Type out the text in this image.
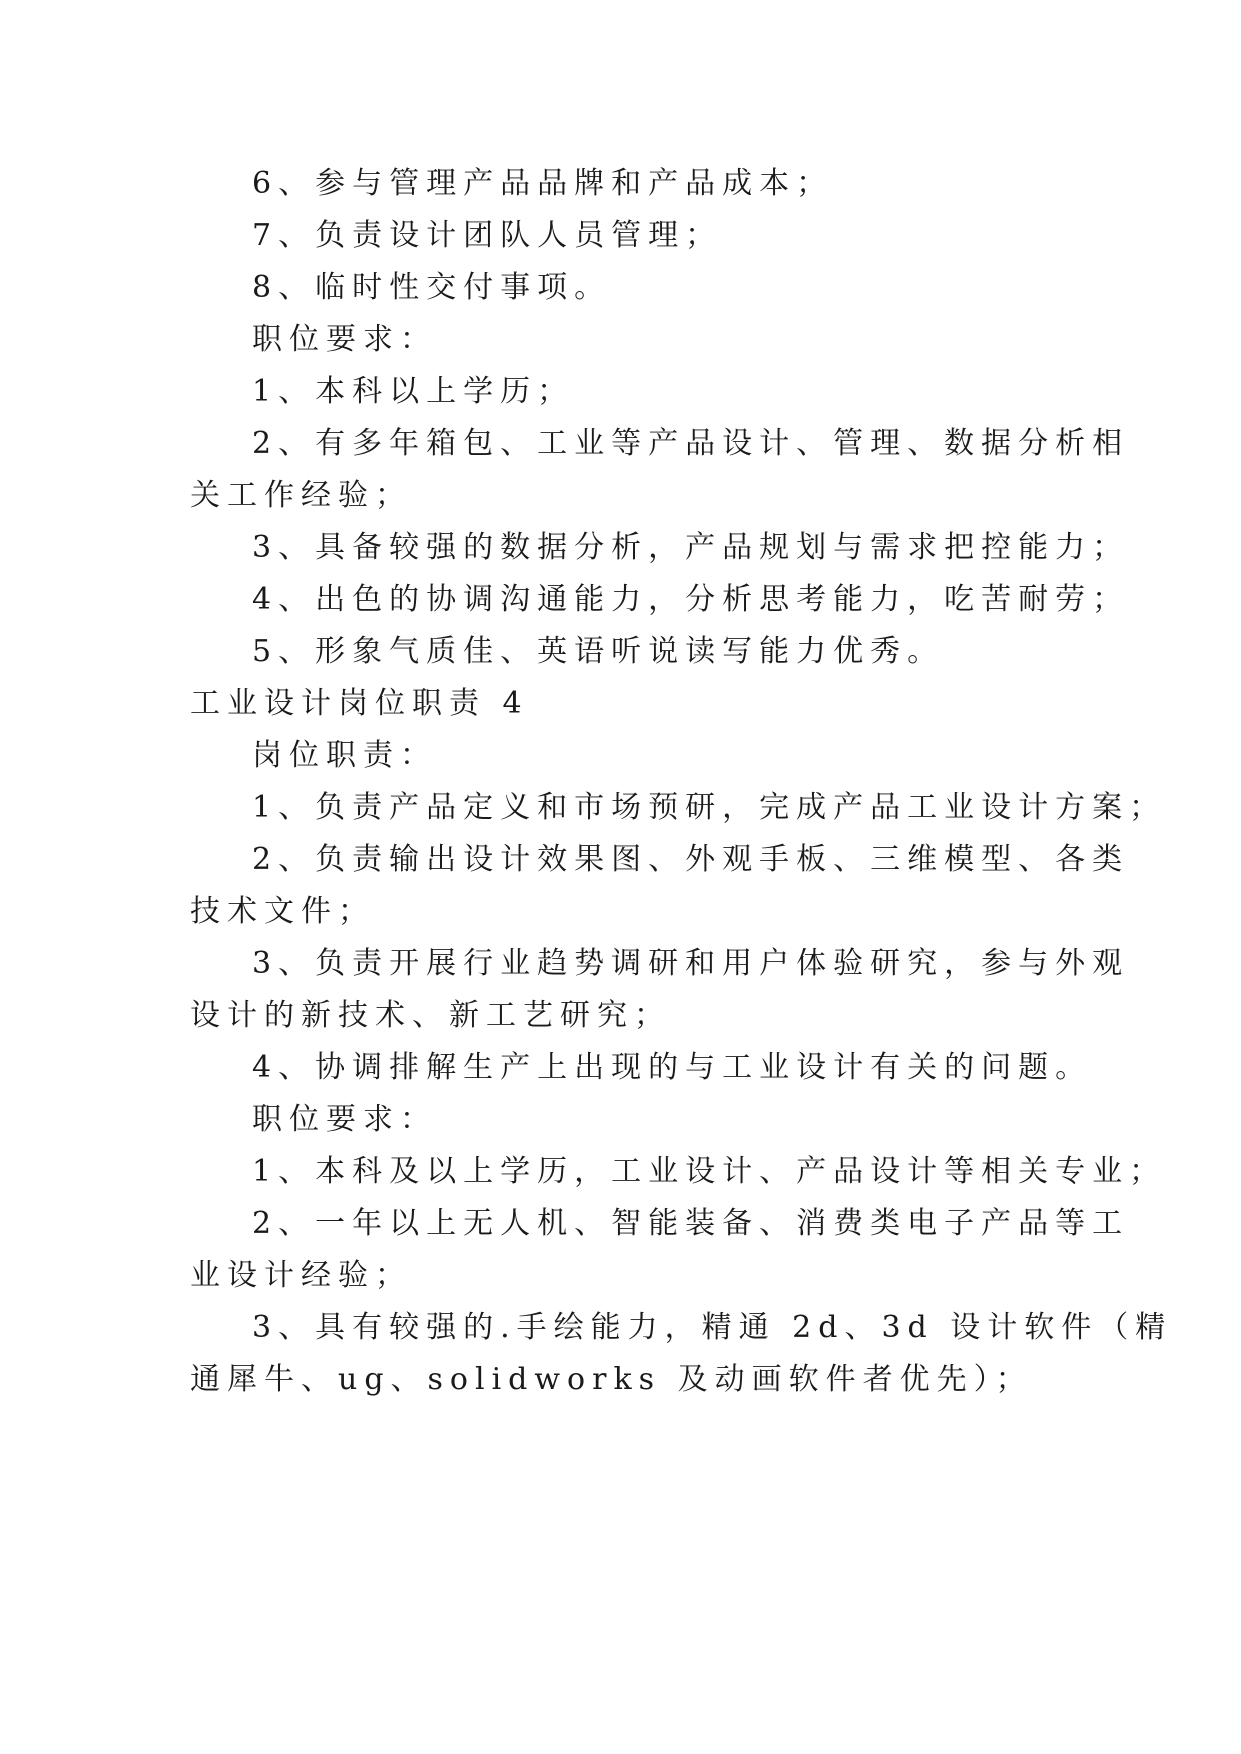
6、参与管理产品品牌和产品成本；
7、负责设计团队人员管理；
8、临时性交付事项。
职位要求：
1、本科以上学历；
2、有多年箱包、工业等产品设计、管理、数据分析相
关工作经验；
3、具备较强的数据分析，产品规划与需求把控能力；
4、出色的协调沟通能力，分析思考能力，吃苦耐劳；
5、形象气质佳、英语听说读写能力优秀。
工业设计岗位职责 4
岗位职责：
1、负责产品定义和市场预研，完成产品工业设计方案；
2、负责输出设计效果图、外观手板、三维模型、各类
技术文件；
3、负责开展行业趋势调研和用户体验研究，参与外观
设计的新技术、新工艺研究；
4、协调排解生产上出现的与工业设计有关的问题。
职位要求：
1、本科及以上学历，工业设计、产品设计等相关专业；
2、一年以上无人机、智能装备、消费类电子产品等工
业设计经验；
3、具有较强的.手绘能力，精通 2d、3d 设计软件（精
通犀牛、ug、solidworks 及动画软件者优先）；
